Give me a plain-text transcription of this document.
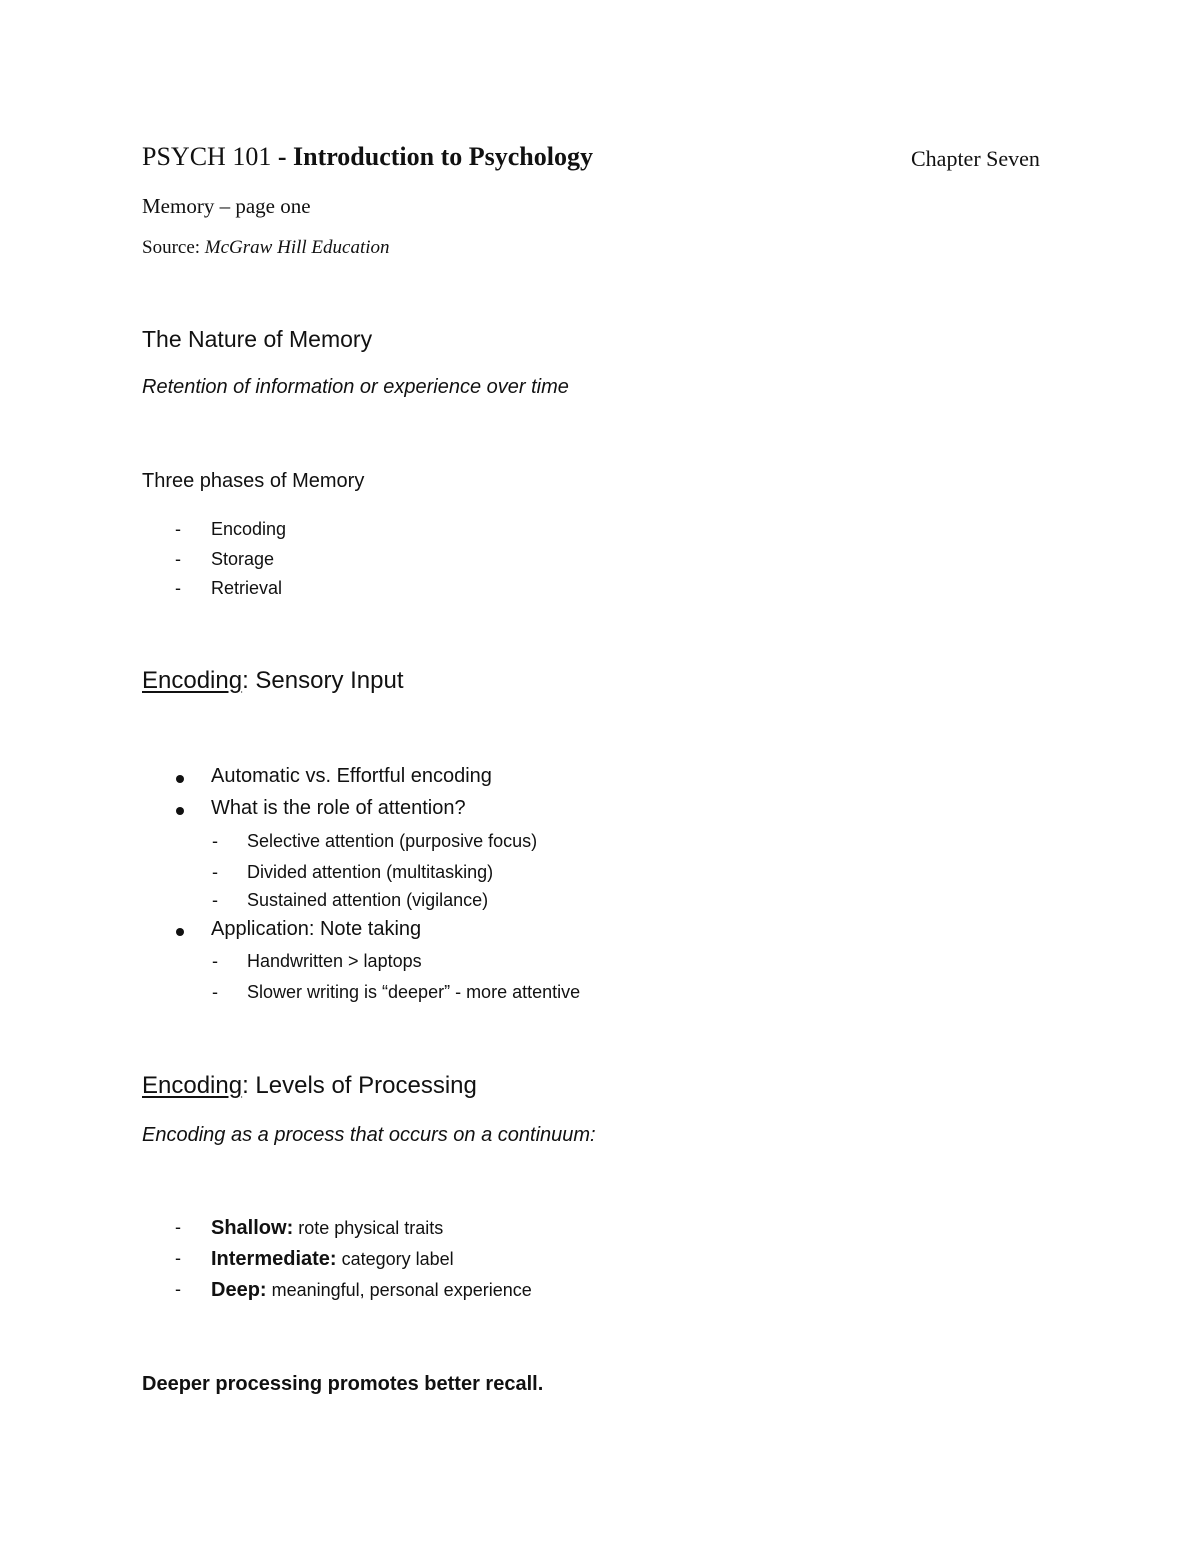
PSYCH 101 - Introduction to Psychology	Chapter Seven

Memory – page one

Source: McGraw Hill Education

The Nature of Memory

Retention of information or experience over time

Three phases of Memory

- Encoding
- Storage
- Retrieval

Encoding: Sensory Input

Automatic vs. Effortful encoding

What is the role of attention?

- Selective attention (purposive focus)
- Divided attention (multitasking)
- Sustained attention (vigilance)

Application: Note taking

- Handwritten > laptops
- Slower writing is “deeper” - more attentive

Encoding: Levels of Processing

Encoding as a process that occurs on a continuum:

- Shallow: rote physical traits
- Intermediate: category label
- Deep: meaningful, personal experience

Deeper processing promotes better recall.
